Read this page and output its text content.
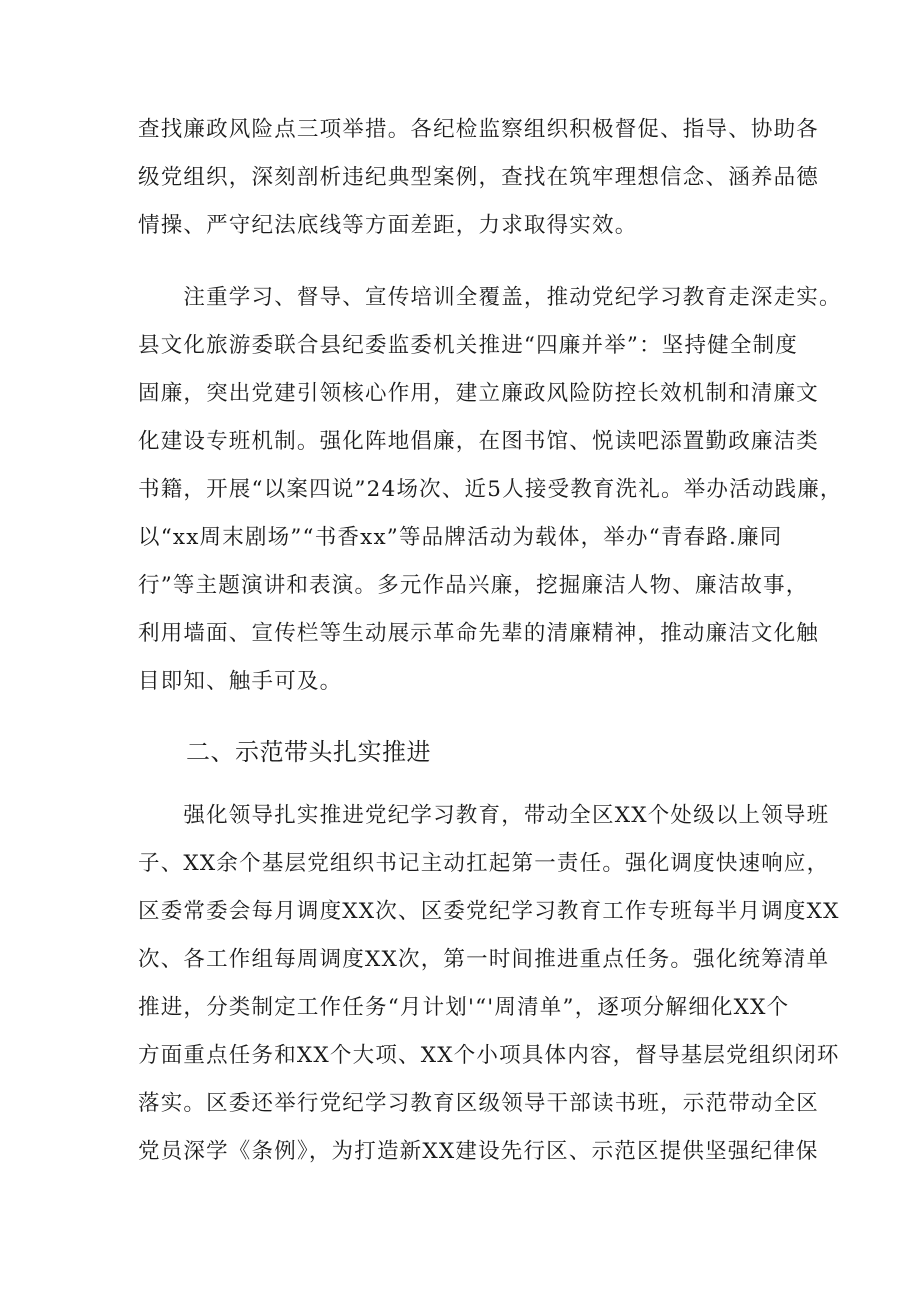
查找廉政风险点三项举措。各纪检监察组织积极督促、指导、协助各
级党组织，深刻剖析违纪典型案例，查找在筑牢理想信念、涵养品德
情操、严守纪法底线等方面差距，力求取得实效。

　　注重学习、督导、宣传培训全覆盖，推动党纪学习教育走深走实。
县文化旅游委联合县纪委监委机关推进“四廉并举”：坚持健全制度
固廉，突出党建引领核心作用，建立廉政风险防控长效机制和清廉文
化建设专班机制。强化阵地倡廉，在图书馆、悦读吧添置勤政廉洁类
书籍，开展“以案四说”24场次、近5人接受教育洗礼。举办活动践廉，
以“xx周末剧场”“书香xx”等品牌活动为载体，举办“青春路.廉同
行”等主题演讲和表演。多元作品兴廉，挖掘廉洁人物、廉洁故事，
利用墙面、宣传栏等生动展示革命先辈的清廉精神，推动廉洁文化触
目即知、触手可及。

二、示范带头扎实推进

　　强化领导扎实推进党纪学习教育，带动全区XX个处级以上领导班
子、XX余个基层党组织书记主动扛起第一责任。强化调度快速响应，
区委常委会每月调度XX次、区委党纪学习教育工作专班每半月调度XX
次、各工作组每周调度XX次，第一时间推进重点任务。强化统筹清单
推进，分类制定工作任务“月计划'“'周清单”，逐项分解细化XX个
方面重点任务和XX个大项、XX个小项具体内容，督导基层党组织闭环
落实。区委还举行党纪学习教育区级领导干部读书班，示范带动全区
党员深学《条例》，为打造新XX建设先行区、示范区提供坚强纪律保
